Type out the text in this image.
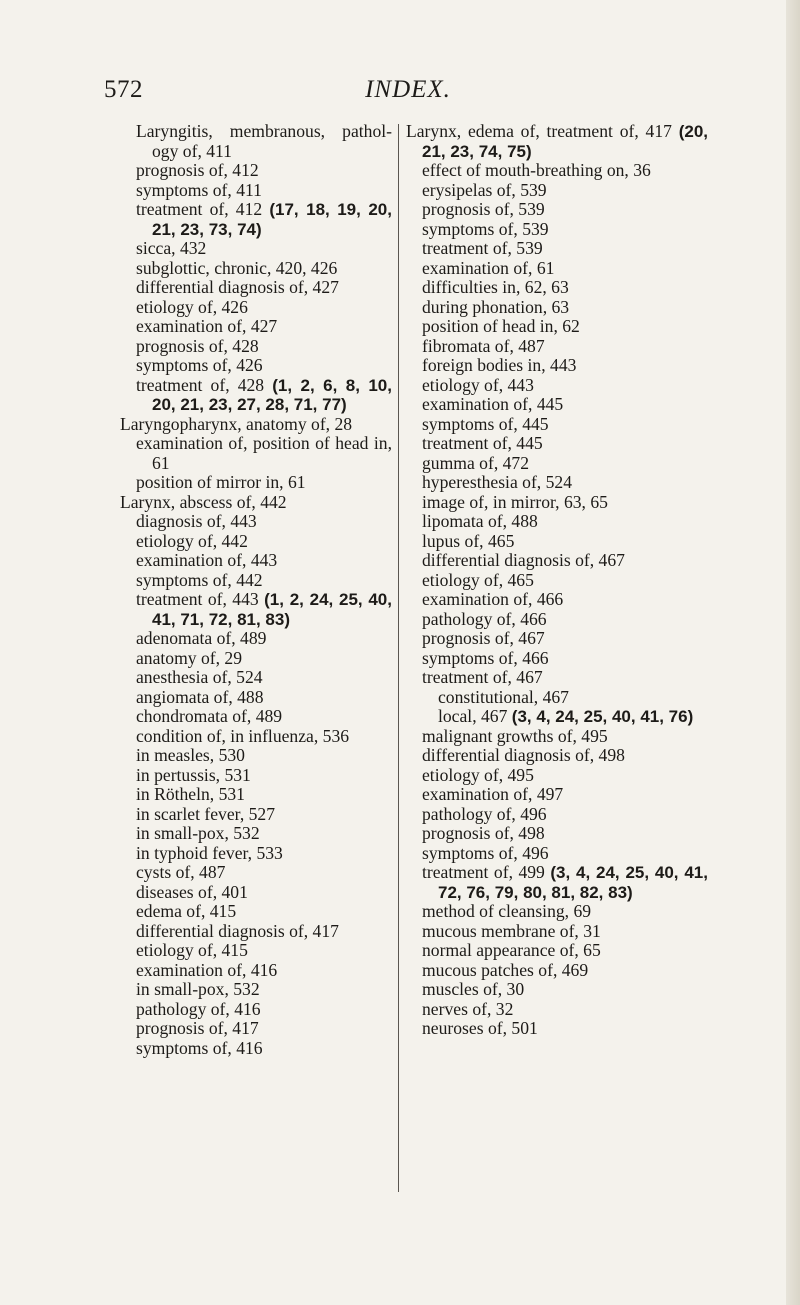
572	INDEX.
Laryngitis, membranous, pathol-ogy of, 411
prognosis of, 412
symptoms of, 411
treatment of, 412 (17, 18, 19, 20, 21, 23, 73, 74)
sicca, 432
subglottic, chronic, 420, 426
differential diagnosis of, 427
etiology of, 426
examination of, 427
prognosis of, 428
symptoms of, 426
treatment of, 428 (1, 2, 6, 8, 10, 20, 21, 23, 27, 28, 71, 77)
Laryngopharynx, anatomy of, 28
examination of, position of head in, 61
position of mirror in, 61
Larynx, abscess of, 442
diagnosis of, 443
etiology of, 442
examination of, 443
symptoms of, 442
treatment of, 443 (1, 2, 24, 25, 40, 41, 71, 72, 81, 83)
adenomata of, 489
anatomy of, 29
anesthesia of, 524
angiomata of, 488
chondromata of, 489
condition of, in influenza, 536
in measles, 530
in pertussis, 531
in Rötheln, 531
in scarlet fever, 527
in small-pox, 532
in typhoid fever, 533
cysts of, 487
diseases of, 401
edema of, 415
differential diagnosis of, 417
etiology of, 415
examination of, 416
in small-pox, 532
pathology of, 416
prognosis of, 417
symptoms of, 416
Larynx, edema of, treatment of, 417 (20, 21, 23, 74, 75)
effect of mouth-breathing on, 36
erysipelas of, 539
prognosis of, 539
symptoms of, 539
treatment of, 539
examination of, 61
difficulties in, 62, 63
during phonation, 63
position of head in, 62
fibromata of, 487
foreign bodies in, 443
etiology of, 443
examination of, 445
symptoms of, 445
treatment of, 445
gumma of, 472
hyperesthesia of, 524
image of, in mirror, 63, 65
lipomata of, 488
lupus of, 465
differential diagnosis of, 467
etiology of, 465
examination of, 466
pathology of, 466
prognosis of, 467
symptoms of, 466
treatment of, 467
constitutional, 467
local, 467 (3, 4, 24, 25, 40, 41, 76)
malignant growths of, 495
differential diagnosis of, 498
etiology of, 495
examination of, 497
pathology of, 496
prognosis of, 498
symptoms of, 496
treatment of, 499 (3, 4, 24, 25, 40, 41, 72, 76, 79, 80, 81, 82, 83)
method of cleansing, 69
mucous membrane of, 31
normal appearance of, 65
mucous patches of, 469
muscles of, 30
nerves of, 32
neuroses of, 501
